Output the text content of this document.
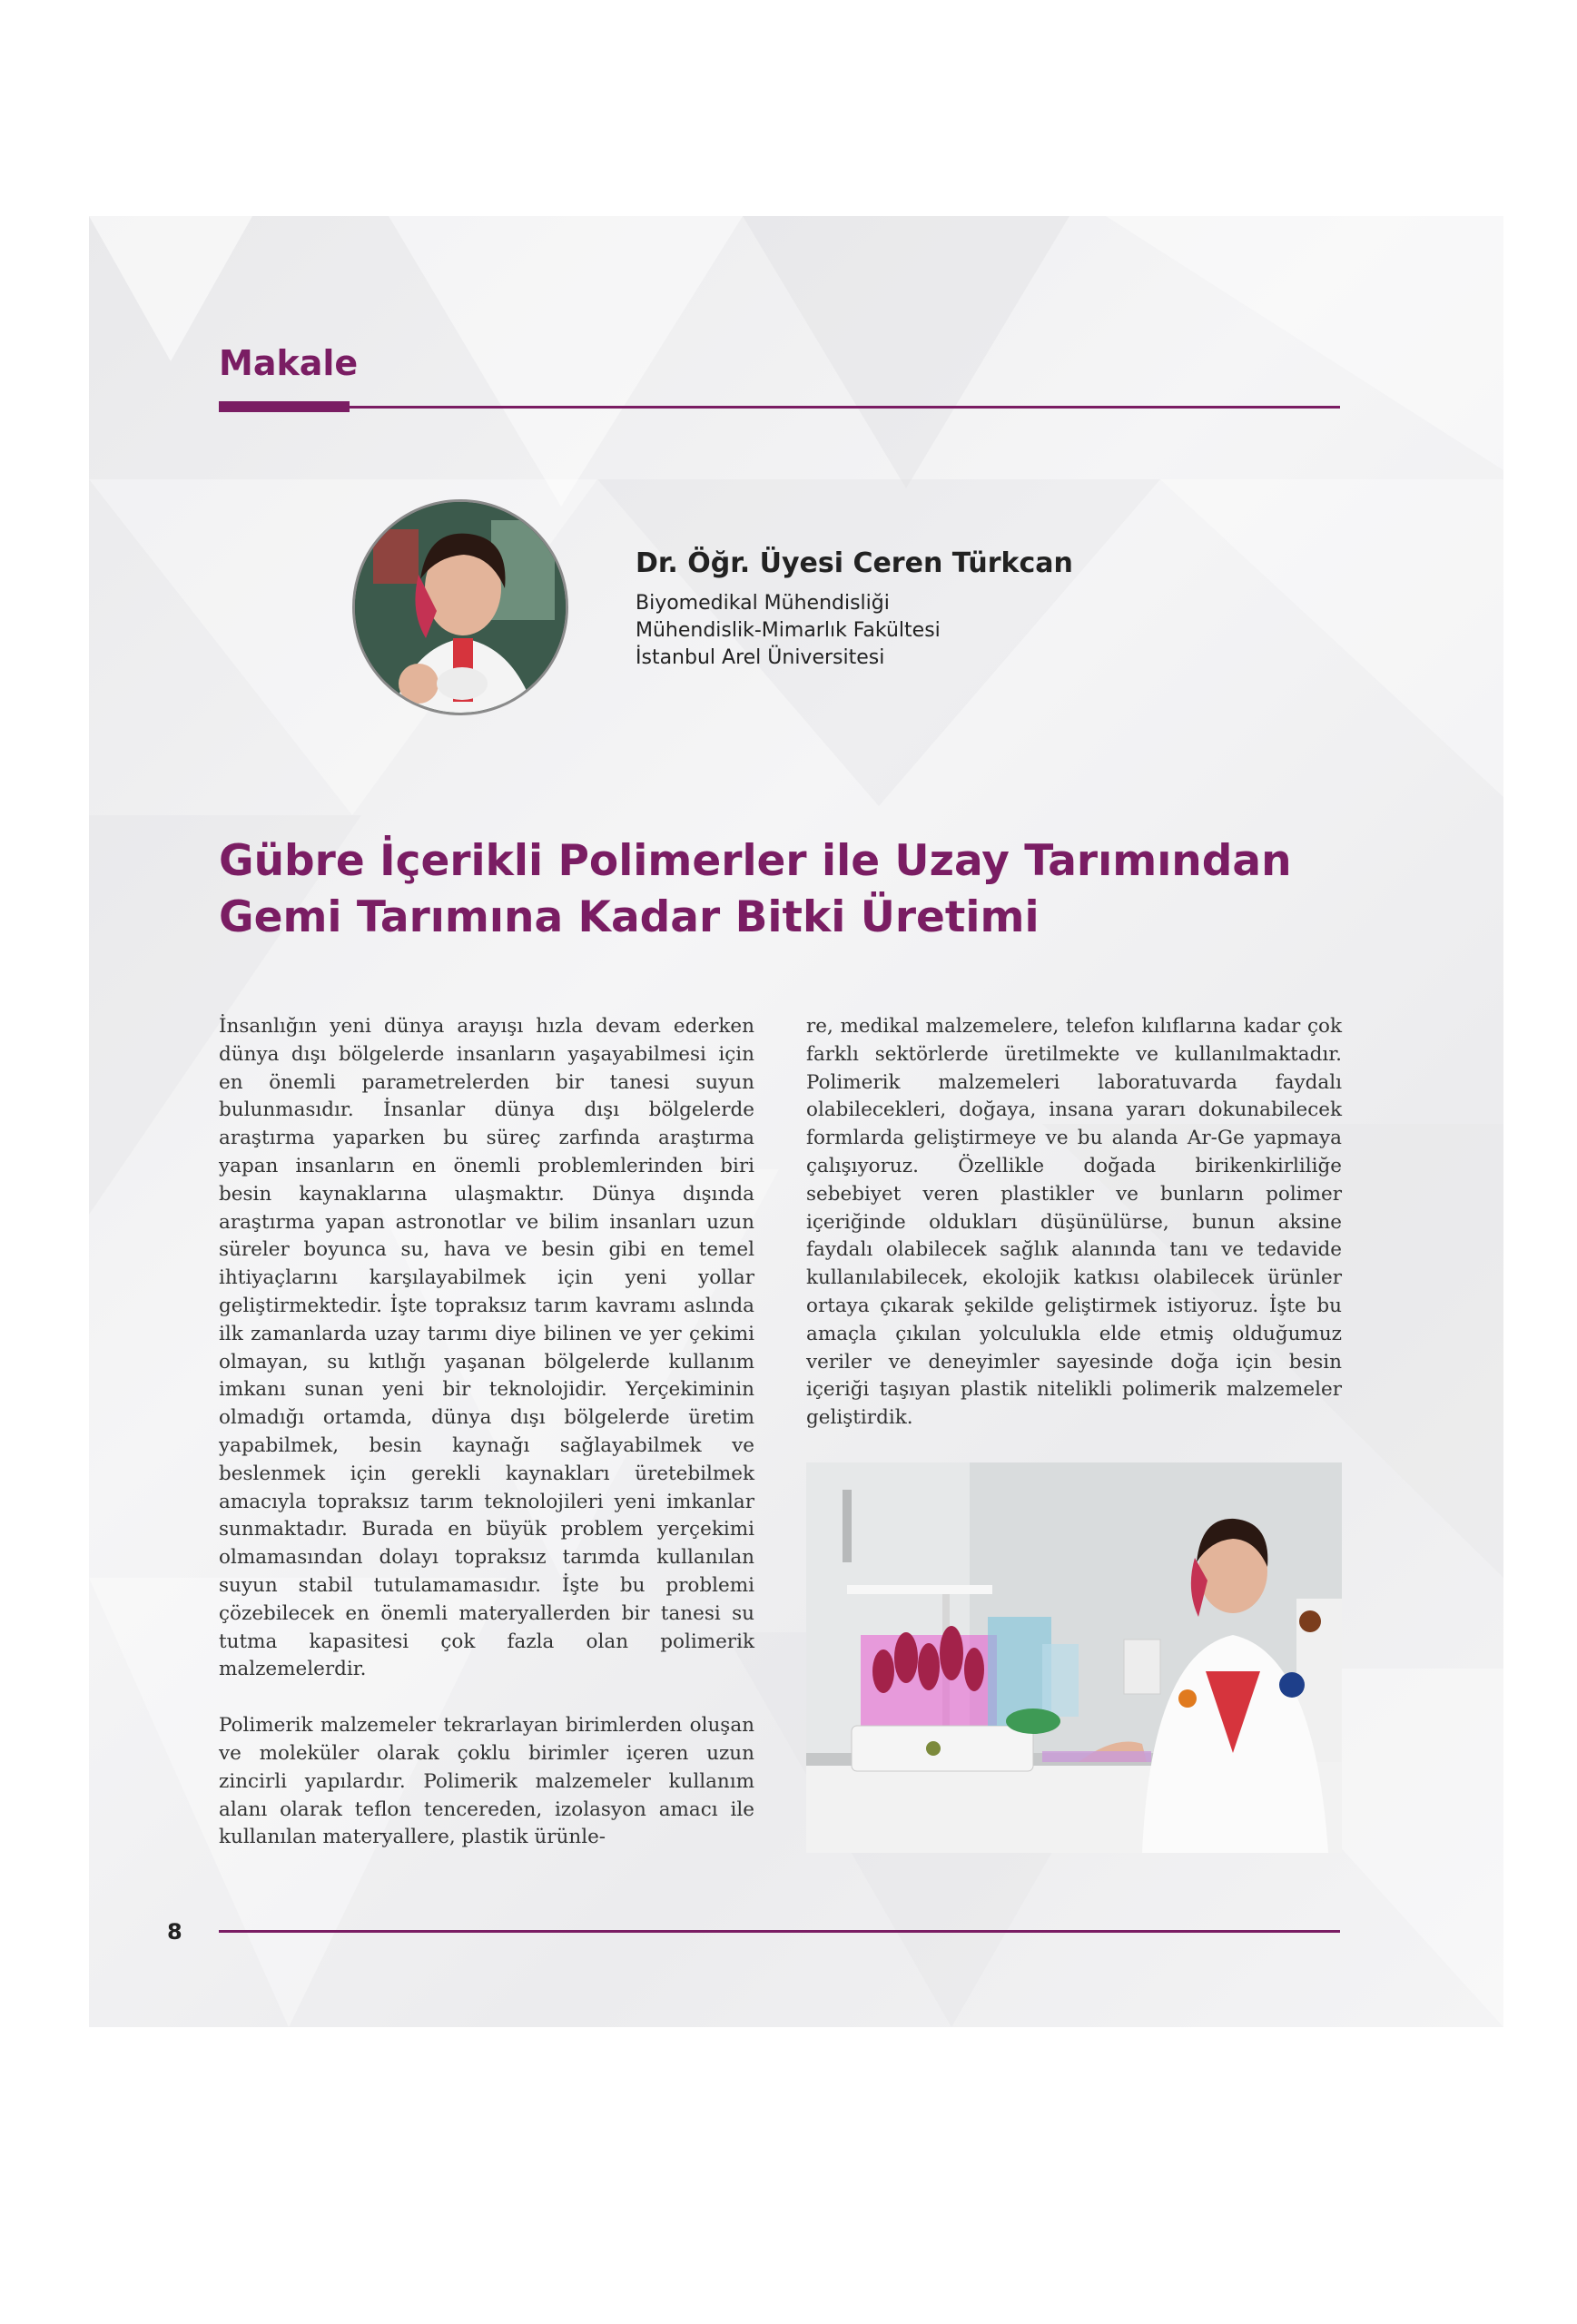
Makale

Dr. Öğr. Üyesi Ceren Türkcan

Biyomedikal Mühendisliği
Mühendislik-Mimarlık Fakültesi
İstanbul Arel Üniversitesi
Gübre İçerikli Polimerler ile Uzay Tarımından
Gemi Tarımına Kadar Bitki Üretimi

İnsanlığın yeni dünya arayışı hızla devam ederken dünya dışı bölgelerde insanların yaşayabilmesi için en önemli parametrelerden bir tanesi suyun bulunmasıdır. İnsanlar dünya dışı bölgelerde araştırma yaparken bu süreç zarfında araştırma yapan insanların en önemli problemlerinden biri besin kaynaklarına ulaşmaktır. Dünya dışında araştırma yapan astronotlar ve bilim insanları uzun süreler boyunca su, hava ve besin gibi en temel ihtiyaçlarını karşılayabilmek için yeni yollar geliştirmektedir. İşte topraksız tarım kavramı aslında ilk zamanlarda uzay tarımı diye bilinen ve yer çekimi olmayan, su kıtlığı yaşanan bölgelerde kullanım imkanı sunan yeni bir teknolojidir. Yerçekiminin olmadığı ortamda, dünya dışı bölgelerde üretim yapabilmek, besin kaynağı sağlayabilmek ve beslenmek için gerekli kaynakları üretebilmek amacıyla topraksız tarım teknolojileri yeni imkanlar sunmaktadır. Burada en büyük problem yerçekimi olmamasından dolayı topraksız tarımda kullanılan suyun stabil tutulamamasıdır. İşte bu problemi çözebilecek en önemli materyallerden bir tanesi su tutma kapasitesi çok fazla olan polimerik malzemelerdir.

Polimerik malzemeler tekrarlayan birimlerden oluşan ve moleküler olarak çoklu birimler içeren uzun zincirli yapılardır. Polimerik malzemeler kullanım alanı olarak teflon tencereden, izolasyon amacı ile kullanılan materyallere, plastik ürünle-

re, medikal malzemelere, telefon kılıflarına kadar çok farklı sektörlerde üretilmekte ve kullanılmaktadır. Polimerik malzemeleri laboratuvarda faydalı olabilecekleri, doğaya, insana yararı dokunabilecek formlarda geliştirmeye ve bu alanda Ar-Ge yapmaya çalışıyoruz. Özellikle doğada birikenkirliliğe sebebiyet veren plastikler ve bunların polimer içeriğinde oldukları düşünülürse, bunun aksine faydalı olabilecek sağlık alanında tanı ve tedavide kullanılabilecek, ekolojik katkısı olabilecek ürünler ortaya çıkarak şekilde geliştirmek istiyoruz. İşte bu amaçla çıkılan yolculukla elde etmiş olduğumuz veriler ve deneyimler sayesinde doğa için besin içeriği taşıyan plastik nitelikli polimerik malzemeler geliştirdik.

8
